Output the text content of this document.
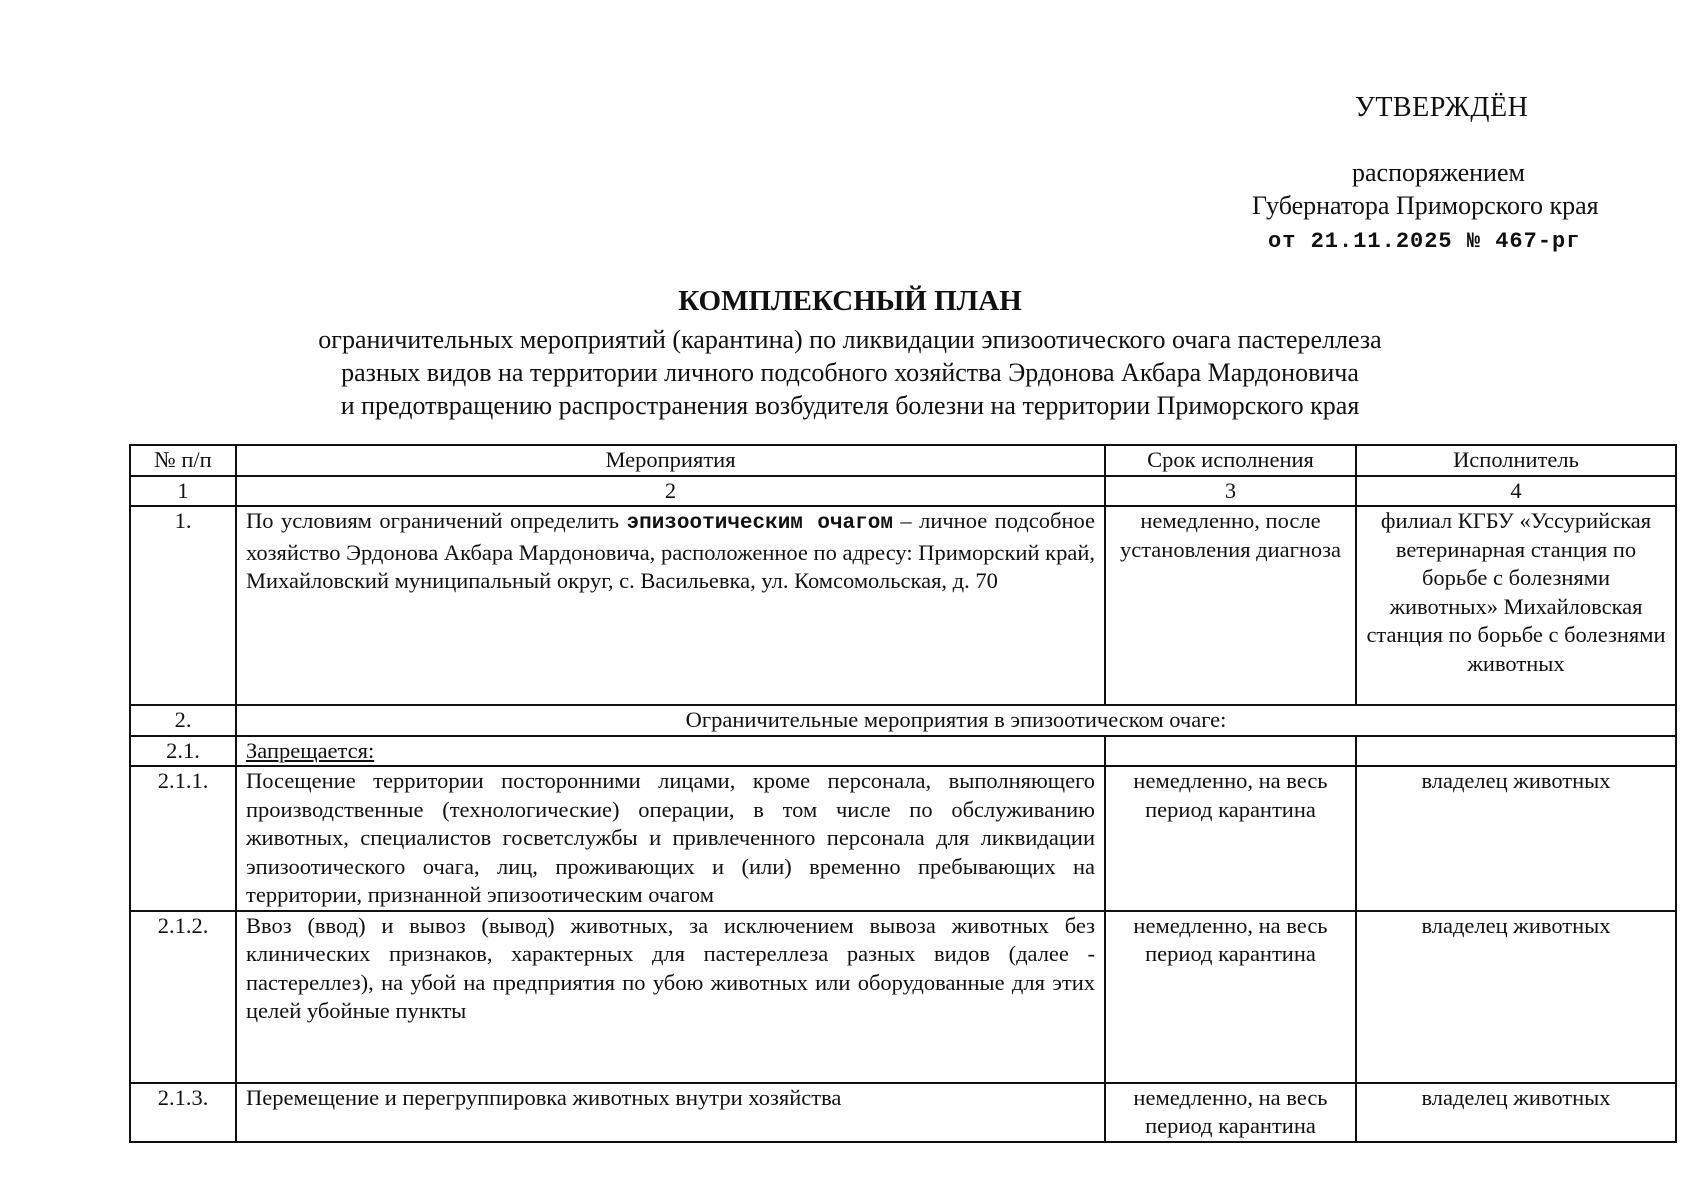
УТВЕРЖДЁН
распоряжением
Губернатора Приморского края
от 21.11.2025 № 467-рг
КОМПЛЕКСНЫЙ ПЛАН
ограничительных мероприятий (карантина) по ликвидации эпизоотического очага пастереллеза
разных видов на территории личного подсобного хозяйства Эрдонова Акбара Мардоновича
и предотвращению распространения возбудителя болезни на территории Приморского края
№ п/п	Мероприятия	Срок исполнения	Исполнитель
1	2	3	4
1.	По условиям ограничений определить эпизоотическим очагом – личное подсобное хозяйство Эрдонова Акбара Мардоновича, расположенное по адресу: Приморский край, Михайловский муниципальный округ, с. Васильевка, ул. Комсомольская, д. 70	немедленно, после установления диагноза	филиал КГБУ «Уссурийская ветеринарная станция по борьбе с болезнями животных» Михайловская станция по борьбе с болезнями животных
2.	Ограничительные мероприятия в эпизоотическом очаге:		
2.1.	Запрещается:		
2.1.1.	Посещение территории посторонними лицами, кроме персонала, выполняющего производственные (технологические) операции, в том числе по обслуживанию животных, специалистов госветслужбы и привлеченного персонала для ликвидации эпизоотического очага, лиц, проживающих и (или) временно пребывающих на территории, признанной эпизоотическим очагом	немедленно, на весь период карантина	владелец животных
2.1.2.	Ввоз (ввод) и вывоз (вывод) животных, за исключением вывоза животных без клинических признаков, характерных для пастереллеза разных видов (далее - пастереллез), на убой на предприятия по убою животных или оборудованные для этих целей убойные пункты	немедленно, на весь период карантина	владелец животных
2.1.3.	Перемещение и перегруппировка животных внутри хозяйства	немедленно, на весь период карантина	владелец животных
